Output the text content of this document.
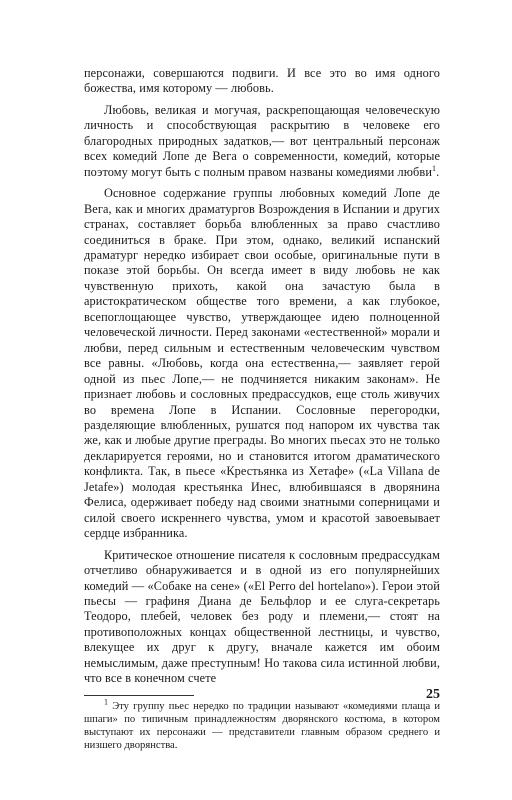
персонажи, совершаются подвиги. И все это во имя одного божества, имя которому — любовь.

Любовь, великая и могучая, раскрепощающая человеческую личность и способствующая раскрытию в человеке его благородных природных задатков,— вот центральный персонаж всех комедий Лопе де Вега о современности, комедий, которые поэтому могут быть с полным правом названы комедиями любви$^1$.

Основное содержание группы любовных комедий Лопе де Вега, как и многих драматургов Возрождения в Испании и других странах, составляет борьба влюбленных за право счастливо соединиться в браке. При этом, однако, великий испанский драматург нередко избирает свои особые, оригинальные пути в показе этой борьбы. Он всегда имеет в виду любовь не как чувственную прихоть, какой она зачастую была в аристократическом обществе того времени, а как глубокое, всепоглощающее чувство, утверждающее идею полноценной человеческой личности. Перед законами «естественной» морали и любви, перед сильным и естественным человеческим чувством все равны. «Любовь, когда она естественна,— заявляет герой одной из пьес Лопе,— не подчиняется никаким законам». Не признает любовь и сословных предрассудков, еще столь живучих во времена Лопе в Испании. Сословные перегородки, разделяющие влюбленных, рушатся под напором их чувства так же, как и любые другие преграды. Во многих пьесах это не только декларируется героями, но и становится итогом драматического конфликта. Так, в пьесе «Крестьянка из Хетафе» («La Villana de Jetafe») молодая крестьянка Инес, влюбившаяся в дворянина Фелиса, одерживает победу над своими знатными соперницами и силой своего искреннего чувства, умом и красотой завоевывает сердце избранника.

Критическое отношение писателя к сословным предрассудкам отчетливо обнаруживается и в одной из его популярнейших комедий — «Собаке на сене» («El Perro del hortelano»). Герои этой пьесы — графиня Диана де Бельфлор и ее слуга-секретарь Теодоро, плебей, человек без роду и племени,— стоят на противоположных концах общественной лестницы, и чувство, влекущее их друг к другу, вначале кажется им обоим немыслимым, даже преступным! Но такова сила истинной любви, что все в конечном счете

$^1$ Эту группу пьес нередко по традиции называют «комедиями плаща и шпаги» по типичным принадлежностям дворянского костюма, в котором выступают их персонажи — представители главным образом среднего и низшего дворянства.

25
